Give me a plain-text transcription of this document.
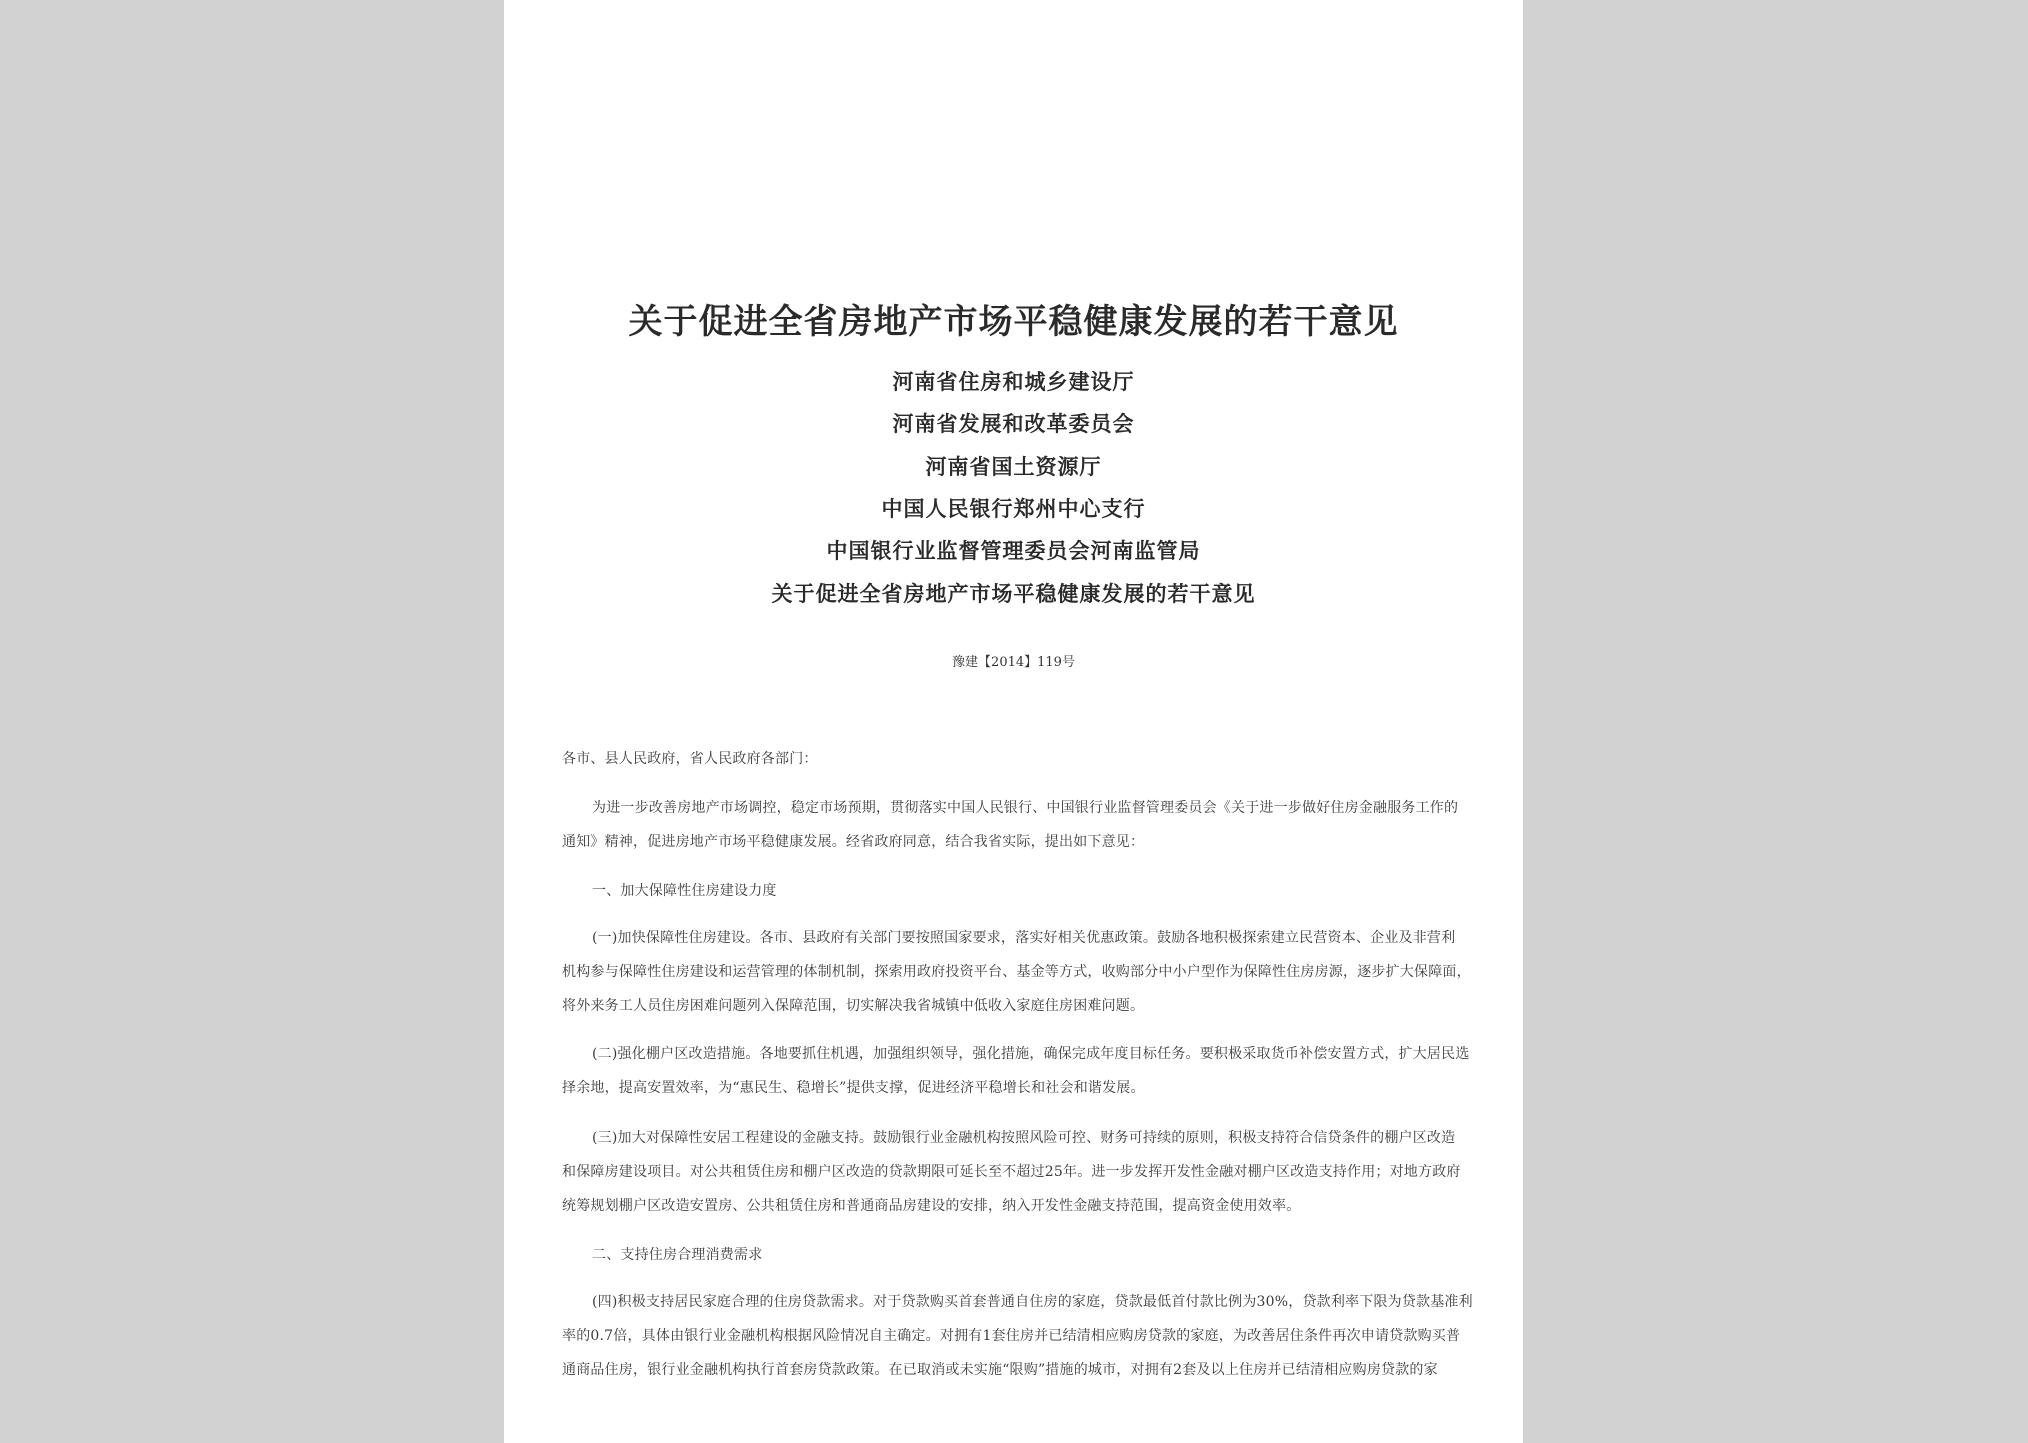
关于促进全省房地产市场平稳健康发展的若干意见
河南省住房和城乡建设厅
河南省发展和改革委员会
河南省国土资源厅
中国人民银行郑州中心支行
中国银行业监督管理委员会河南监管局
关于促进全省房地产市场平稳健康发展的若干意见
豫建【2014】119号
各市、县人民政府，省人民政府各部门：
为进一步改善房地产市场调控，稳定市场预期，贯彻落实中国人民银行、中国银行业监督管理委员会《关于进一步做好住房金融服务工作的
通知》精神，促进房地产市场平稳健康发展。经省政府同意，结合我省实际，提出如下意见：
一、加大保障性住房建设力度
(一)加快保障性住房建设。各市、县政府有关部门要按照国家要求，落实好相关优惠政策。鼓励各地积极探索建立民营资本、企业及非营利
机构参与保障性住房建设和运营管理的体制机制，探索用政府投资平台、基金等方式，收购部分中小户型作为保障性住房房源，逐步扩大保障面，
将外来务工人员住房困难问题列入保障范围，切实解决我省城镇中低收入家庭住房困难问题。
(二)强化棚户区改造措施。各地要抓住机遇，加强组织领导，强化措施，确保完成年度目标任务。要积极采取货币补偿安置方式，扩大居民选
择余地，提高安置效率，为“惠民生、稳增长”提供支撑，促进经济平稳增长和社会和谐发展。
(三)加大对保障性安居工程建设的金融支持。鼓励银行业金融机构按照风险可控、财务可持续的原则，积极支持符合信贷条件的棚户区改造
和保障房建设项目。对公共租赁住房和棚户区改造的贷款期限可延长至不超过25年。进一步发挥开发性金融对棚户区改造支持作用；对地方政府
统筹规划棚户区改造安置房、公共租赁住房和普通商品房建设的安排，纳入开发性金融支持范围，提高资金使用效率。
二、支持住房合理消费需求
(四)积极支持居民家庭合理的住房贷款需求。对于贷款购买首套普通自住房的家庭，贷款最低首付款比例为30%，贷款利率下限为贷款基准利
率的0.7倍，具体由银行业金融机构根据风险情况自主确定。对拥有1套住房并已结清相应购房贷款的家庭，为改善居住条件再次申请贷款购买普
通商品住房，银行业金融机构执行首套房贷款政策。在已取消或未实施“限购”措施的城市，对拥有2套及以上住房并已结清相应购房贷款的家
